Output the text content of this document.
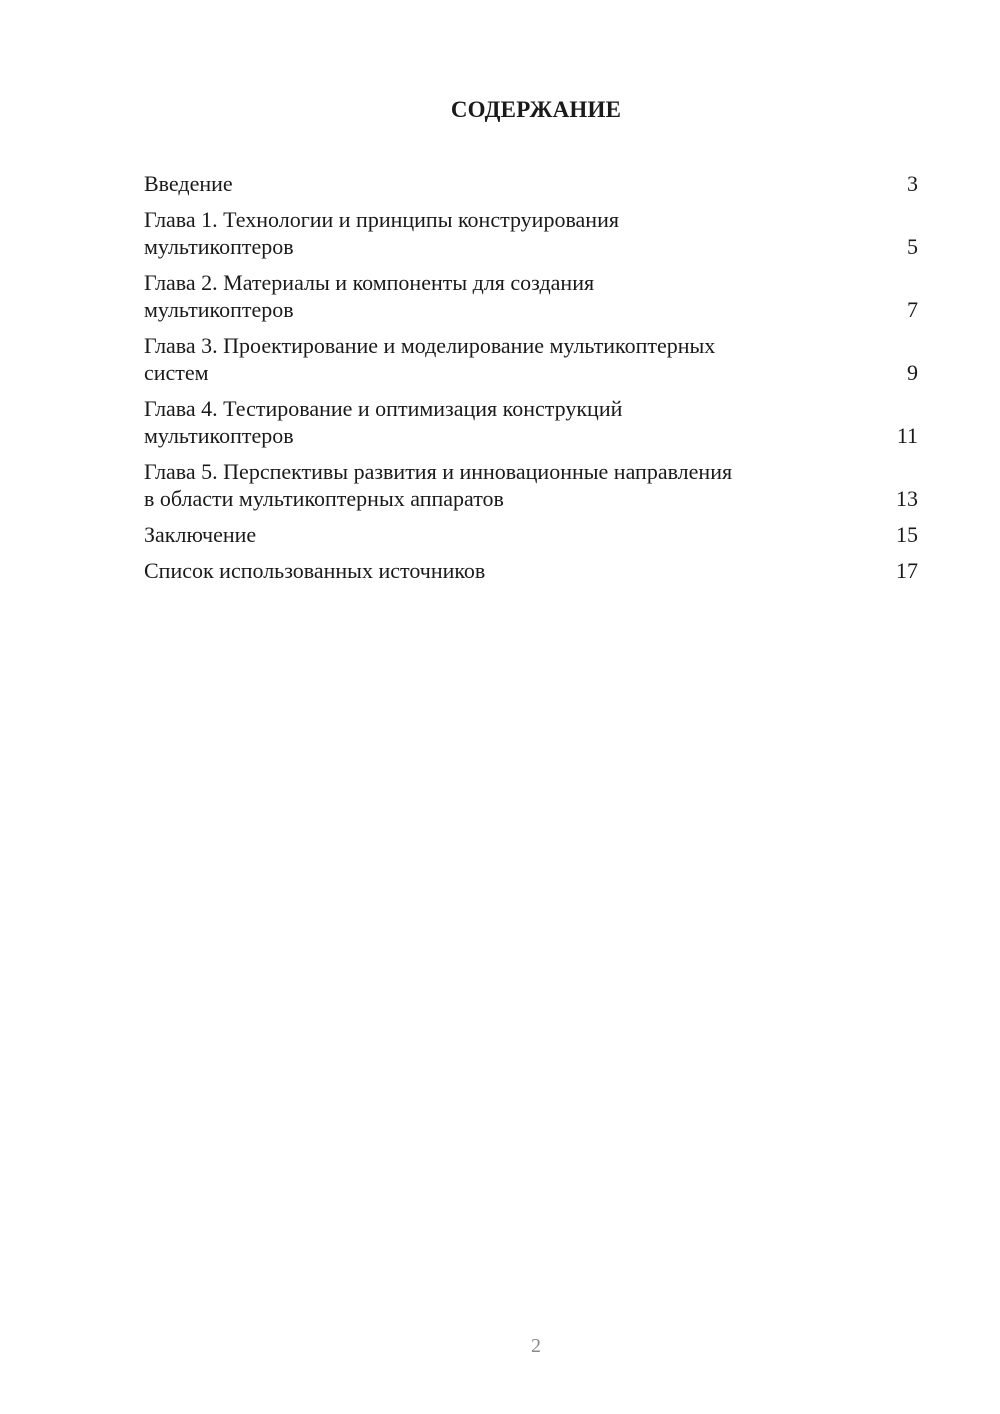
СОДЕРЖАНИЕ
Введение	3
Глава 1. Технологии и принципы конструирования
мультикоптеров	5
Глава 2. Материалы и компоненты для создания
мультикоптеров	7
Глава 3. Проектирование и моделирование мультикоптерных
систем	9
Глава 4. Тестирование и оптимизация конструкций
мультикоптеров	11
Глава 5. Перспективы развития и инновационные направления
в области мультикоптерных аппаратов	13
Заключение	15
Список использованных источников	17
2
